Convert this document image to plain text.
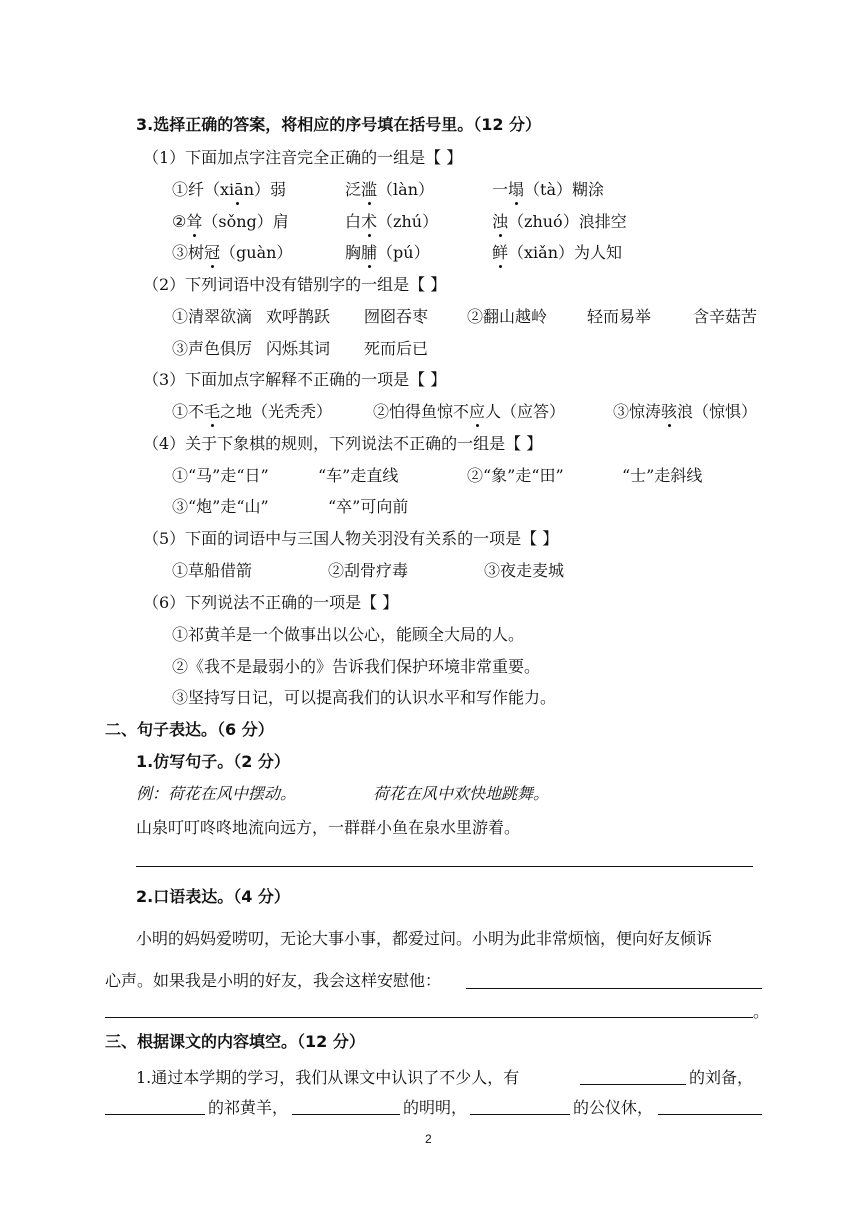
3.选择正确的答案，将相应的序号填在括号里。（12 分）
（1）下面加点字注音完全正确的一组是【 】
①纤（xiān）弱	泛滥（làn）	一塌（tà）糊涂
②耸（sǒng）肩	白术（zhú）	浊（zhuó）浪排空
③树冠（guàn）	胸脯（pú）	鲜（xiǎn）为人知
（2）下列词语中没有错别字的一组是【 】
①清翠欲滴 欢呼鹊跃 囫囵吞枣 ②翻山越岭 轻而易举	含辛菇苦
③声色俱厉 闪烁其词 死而后已
（3）下面加点字解释不正确的一项是【 】
①不毛之地（光秃秃）	②怕得鱼惊不应人（应答）	③惊涛骇浪（惊惧）
（4）关于下象棋的规则，下列说法不正确的一组是【 】
①“马”走“日”	“车”走直线	②“象”走“田”	“士”走斜线
③“炮”走“山”	“卒”可向前
（5）下面的词语中与三国人物关羽没有关系的一项是【 】
①草船借箭	②刮骨疗毒	③夜走麦城
（6）下列说法不正确的一项是【 】
①祁黄羊是一个做事出以公心，能顾全大局的人。
②《我不是最弱小的》告诉我们保护环境非常重要。
③坚持写日记，可以提高我们的认识水平和写作能力。
二、句子表达。（6 分）
1.仿写句子。（2 分）
例：荷花在风中摆动。	荷花在风中欢快地跳舞。
山泉叮叮咚咚地流向远方，一群群小鱼在泉水里游着。
2.口语表达。（4 分）
小明的妈妈爱唠叨，无论大事小事，都爱过问。小明为此非常烦恼，便向好友倾诉
心声。如果我是小明的好友，我会这样安慰他：
。
三、根据课文的内容填空。（12 分）
1.通过本学期的学习，我们从课文中认识了不少人，有	的刘备，
的祁黄羊，	的明明，	的公仪休，
2
